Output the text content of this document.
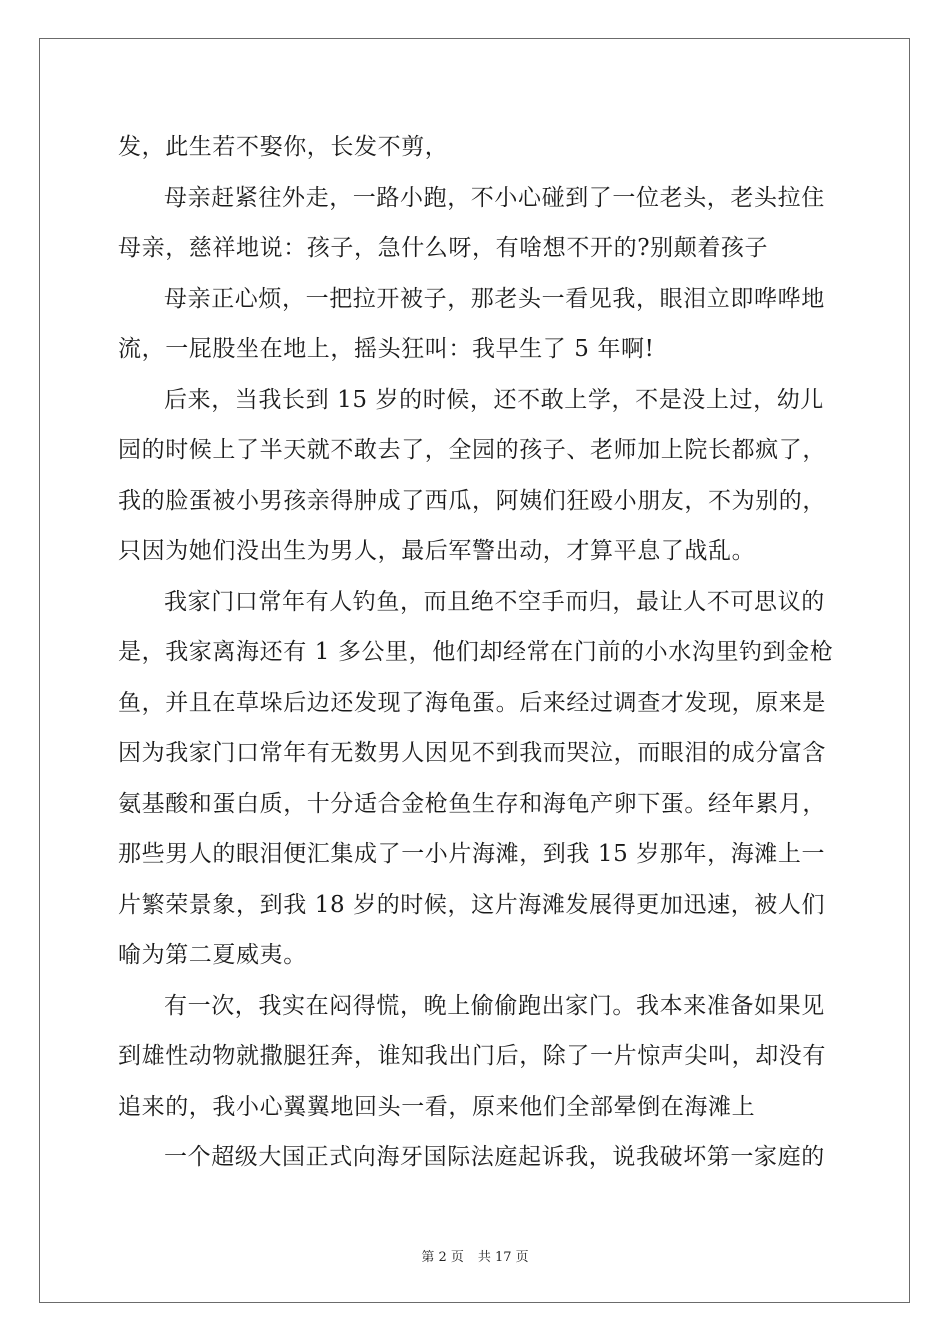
发，此生若不娶你，长发不剪，
母亲赶紧往外走，一路小跑，不小心碰到了一位老头，老头拉住
母亲，慈祥地说：孩子，急什么呀，有啥想不开的?别颠着孩子
母亲正心烦，一把拉开被子，那老头一看见我，眼泪立即哗哗地
流，一屁股坐在地上，摇头狂叫：我早生了 5 年啊!
后来，当我长到 15 岁的时候，还不敢上学，不是没上过，幼儿
园的时候上了半天就不敢去了，全园的孩子、老师加上院长都疯了，
我的脸蛋被小男孩亲得肿成了西瓜，阿姨们狂殴小朋友，不为别的，
只因为她们没出生为男人，最后军警出动，才算平息了战乱。
我家门口常年有人钓鱼，而且绝不空手而归，最让人不可思议的
是，我家离海还有 1 多公里，他们却经常在门前的小水沟里钓到金枪
鱼，并且在草垛后边还发现了海龟蛋。后来经过调查才发现，原来是
因为我家门口常年有无数男人因见不到我而哭泣，而眼泪的成分富含
氨基酸和蛋白质，十分适合金枪鱼生存和海龟产卵下蛋。经年累月，
那些男人的眼泪便汇集成了一小片海滩，到我 15 岁那年，海滩上一
片繁荣景象，到我 18 岁的时候，这片海滩发展得更加迅速，被人们
喻为第二夏威夷。
有一次，我实在闷得慌，晚上偷偷跑出家门。我本来准备如果见
到雄性动物就撒腿狂奔，谁知我出门后，除了一片惊声尖叫，却没有
追来的，我小心翼翼地回头一看，原来他们全部晕倒在海滩上
一个超级大国正式向海牙国际法庭起诉我，说我破坏第一家庭的
第 2 页 共 17 页
